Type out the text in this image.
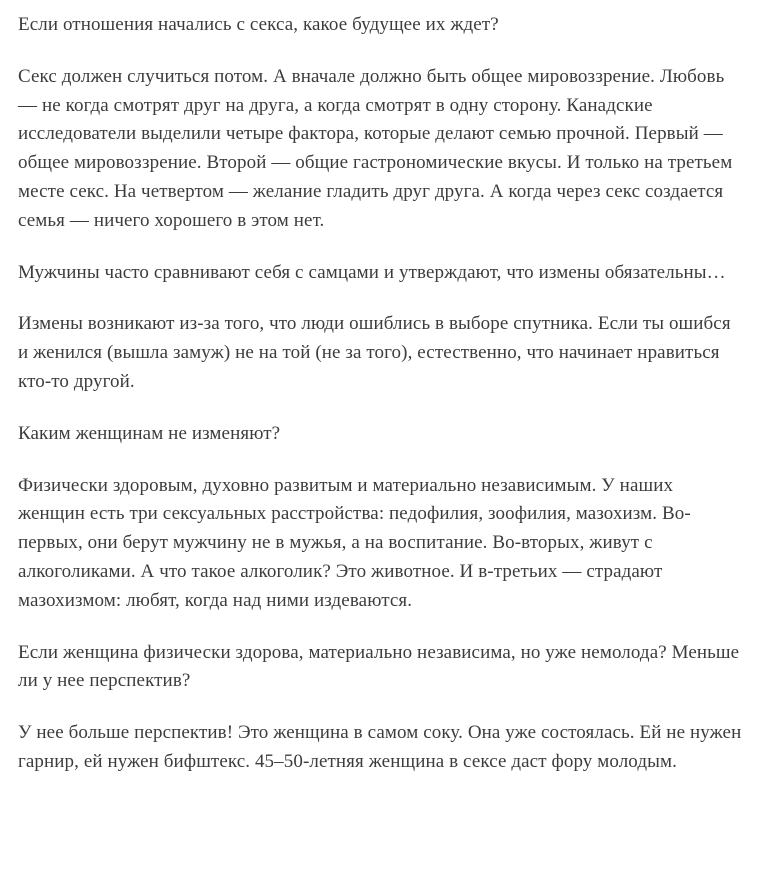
Если отношения начались с секса, какое будущее их ждет?

Секс должен случиться потом. А вначале должно быть общее мировоззрение. Любовь — не когда смотрят друг на друга, а когда смотрят в одну сторону. Канадские исследователи выделили четыре фактора, которые делают семью прочной. Первый — общее мировоззрение. Второй — общие гастрономические вкусы. И только на третьем месте секс. На четвертом — желание гладить друг друга. А когда через секс создается семья — ничего хорошего в этом нет.

Мужчины часто сравнивают себя с самцами и утверждают, что измены обязательны…

Измены возникают из-за того, что люди ошиблись в выборе спутника. Если ты ошибся и женился (вышла замуж) не на той (не за того), естественно, что начинает нравиться кто-то другой.

Каким женщинам не изменяют?

Физически здоровым, духовно развитым и материально независимым. У наших женщин есть три сексуальных расстройства: педофилия, зоофилия, мазохизм. Во-первых, они берут мужчину не в мужья, а на воспитание. Во-вторых, живут с алкоголиками. А что такое алкоголик? Это животное. И в-третьих — страдают мазохизмом: любят, когда над ними издеваются.

Если женщина физически здорова, материально независима, но уже немолода? Меньше ли у нее перспектив?

У нее больше перспектив! Это женщина в самом соку. Она уже состоялась. Ей не нужен гарнир, ей нужен бифштекс. 45–50-летняя женщина в сексе даст фору молодым.
